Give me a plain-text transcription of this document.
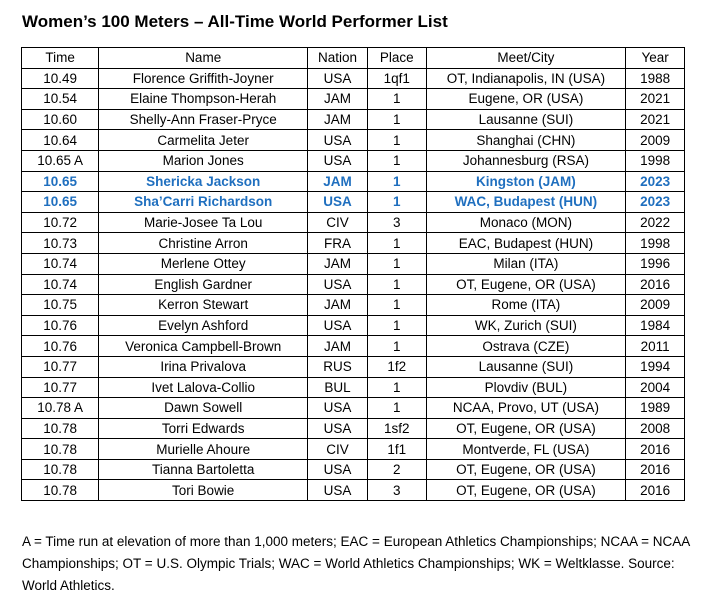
Women’s 100 Meters – All-Time World Performer List
Time	Name	Nation	Place	Meet/City	Year
10.49	Florence Griffith-Joyner	USA	1qf1	OT, Indianapolis, IN (USA)	1988
10.54	Elaine Thompson-Herah	JAM	1	Eugene, OR (USA)	2021
10.60	Shelly-Ann Fraser-Pryce	JAM	1	Lausanne (SUI)	2021
10.64	Carmelita Jeter	USA	1	Shanghai (CHN)	2009
10.65 A	Marion Jones	USA	1	Johannesburg (RSA)	1998
10.65	Shericka Jackson	JAM	1	Kingston (JAM)	2023
10.65	Sha’Carri Richardson	USA	1	WAC, Budapest (HUN)	2023
10.72	Marie-Josee Ta Lou	CIV	3	Monaco (MON)	2022
10.73	Christine Arron	FRA	1	EAC, Budapest (HUN)	1998
10.74	Merlene Ottey	JAM	1	Milan (ITA)	1996
10.74	English Gardner	USA	1	OT, Eugene, OR (USA)	2016
10.75	Kerron Stewart	JAM	1	Rome (ITA)	2009
10.76	Evelyn Ashford	USA	1	WK, Zurich (SUI)	1984
10.76	Veronica Campbell-Brown	JAM	1	Ostrava (CZE)	2011
10.77	Irina Privalova	RUS	1f2	Lausanne (SUI)	1994
10.77	Ivet Lalova-Collio	BUL	1	Plovdiv (BUL)	2004
10.78 A	Dawn Sowell	USA	1	NCAA, Provo, UT (USA)	1989
10.78	Torri Edwards	USA	1sf2	OT, Eugene, OR (USA)	2008
10.78	Murielle Ahoure	CIV	1f1	Montverde, FL (USA)	2016
10.78	Tianna Bartoletta	USA	2	OT, Eugene, OR (USA)	2016
10.78	Tori Bowie	USA	3	OT, Eugene, OR (USA)	2016
A = Time run at elevation of more than 1,000 meters; EAC = European Athletics Championships; NCAA = NCAA Championships; OT = U.S. Olympic Trials; WAC = World Athletics Championships; WK = Weltklasse. Source: World Athletics.
